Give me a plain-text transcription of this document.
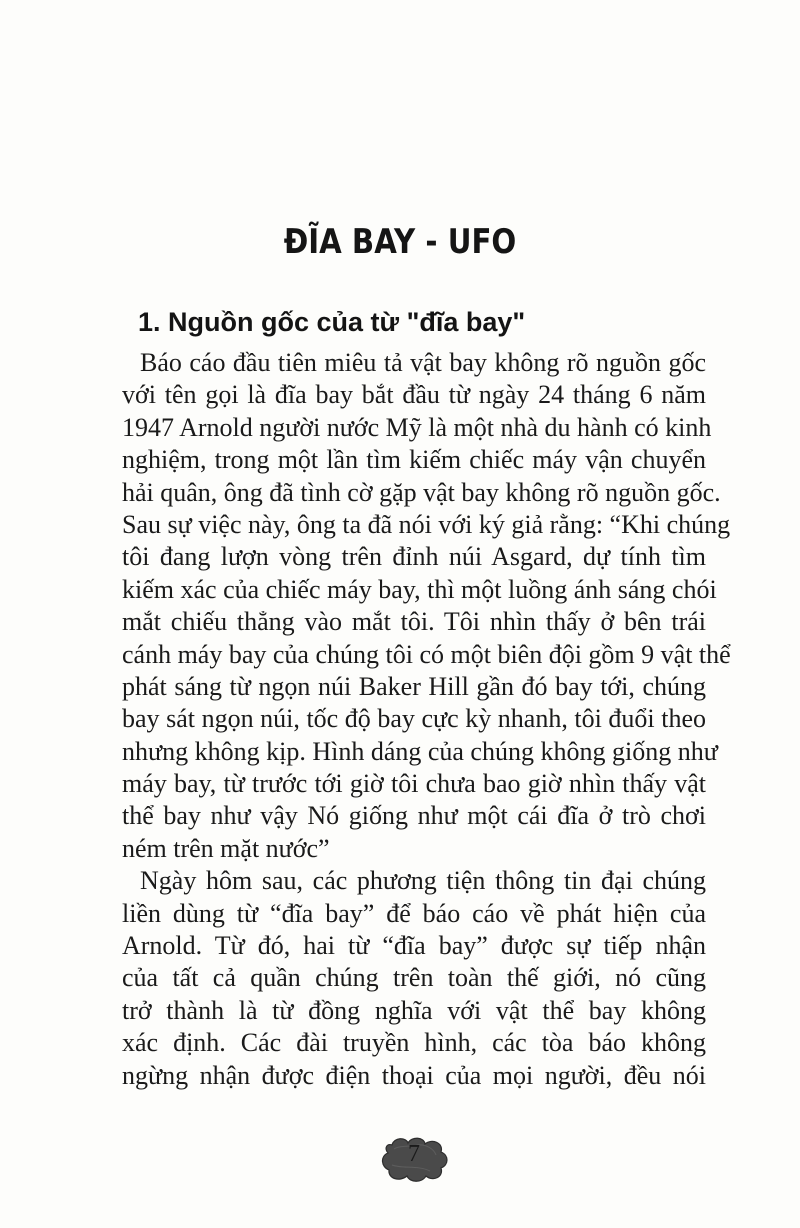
ĐĨA BAY - UFO
1. Nguồn gốc của từ "đĩa bay"
Báo cáo đầu tiên miêu tả vật bay không rõ nguồn gốc
với tên gọi là đĩa bay bắt đầu từ ngày 24 tháng 6 năm
1947 Arnold người nước Mỹ là một nhà du hành có kinh
nghiệm, trong một lần tìm kiếm chiếc máy vận chuyển
hải quân, ông đã tình cờ gặp vật bay không rõ nguồn gốc.
Sau sự việc này, ông ta đã nói với ký giả rằng: “Khi chúng
tôi đang lượn vòng trên đỉnh núi Asgard, dự tính tìm
kiếm xác của chiếc máy bay, thì một luồng ánh sáng chói
mắt chiếu thẳng vào mắt tôi. Tôi nhìn thấy ở bên trái
cánh máy bay của chúng tôi có một biên đội gồm 9 vật thể
phát sáng từ ngọn núi Baker Hill gần đó bay tới, chúng
bay sát ngọn núi, tốc độ bay cực kỳ nhanh, tôi đuổi theo
nhưng không kịp. Hình dáng của chúng không giống như
máy bay, từ trước tới giờ tôi chưa bao giờ nhìn thấy vật
thể bay như vậy Nó giống như một cái đĩa ở trò chơi
ném trên mặt nước”
Ngày hôm sau, các phương tiện thông tin đại chúng
liền dùng từ “đĩa bay” để báo cáo về phát hiện của
Arnold. Từ đó, hai từ “đĩa bay” được sự tiếp nhận
của tất cả quần chúng trên toàn thế giới, nó cũng
trở thành là từ đồng nghĩa với vật thể bay không
xác định. Các đài truyền hình, các tòa báo không
ngừng nhận được điện thoại của mọi người, đều nói
7
